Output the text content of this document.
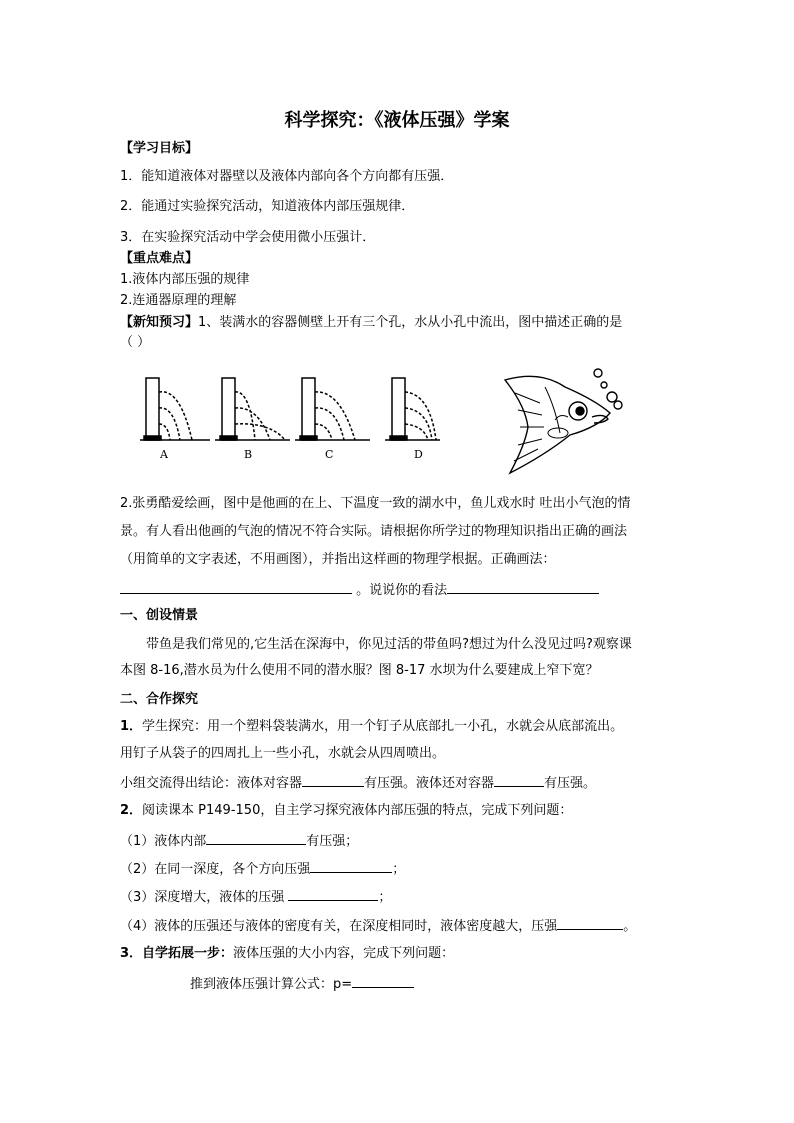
科学探究：《液体压强》学案
【学习目标】
1．能知道液体对器壁以及液体内部向各个方向都有压强．
2．能通过实验探究活动，知道液体内部压强规律．
3．在实验探究活动中学会使用微小压强计．
【重点难点】
1.液体内部压强的规律
2.连通器原理的理解
【新知预习】1、装满水的容器侧壁上开有三个孔，水从小孔中流出，图中描述正确的是
（ ）
A	B	C	D
2.张勇酷爱绘画，图中是他画的在上、下温度一致的湖水中，鱼儿戏水时 吐出小气泡的情
景。有人看出他画的气泡的情况不符合实际。请根据你所学过的物理知识指出正确的画法
（用简单的文字表述，不用画图），并指出这样画的物理学根据。正确画法：
。说说你的看法
一、创设情景
带鱼是我们常见的,它生活在深海中，你见过活的带鱼吗?想过为什么没见过吗?观察课
本图 8-16,潜水员为什么使用不同的潜水服？图 8-17 水坝为什么要建成上窄下宽？
二、合作探究
1．学生探究：用一个塑料袋装满水，用一个钉子从底部扎一小孔，水就会从底部流出。
用钉子从袋子的四周扎上一些小孔，水就会从四周喷出。
小组交流得出结论：液体对容器	有压强。液体还对容器	有压强。
2．阅读课本 P149-150，自主学习探究液体内部压强的特点，完成下列问题：
（1）液体内部	有压强；
（2）在同一深度，各个方向压强	；
（3）深度增大，液体的压强	；
（4）液体的压强还与液体的密度有关，在深度相同时，液体密度越大，压强	。
3．自学拓展一步：液体压强的大小内容，完成下列问题：
推到液体压强计算公式：p=
